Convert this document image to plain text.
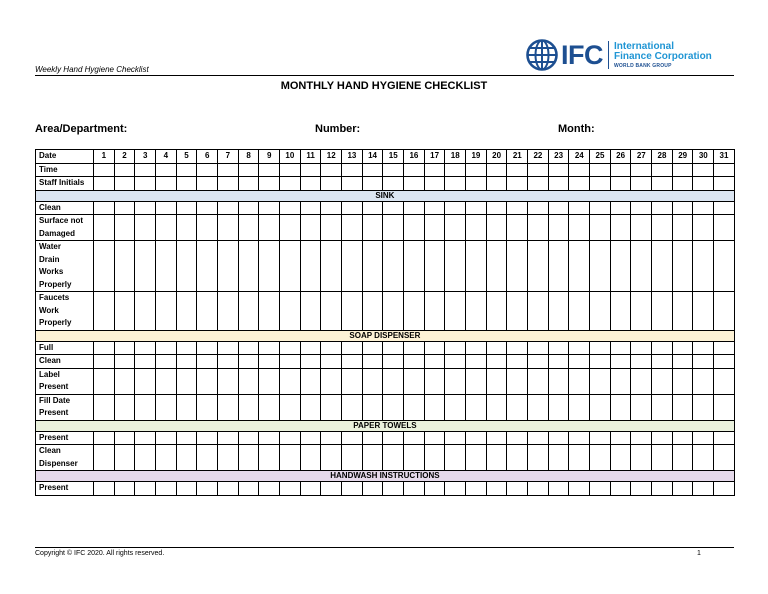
Weekly Hand Hygiene Checklist	IFC International
Finance Corporation
WORLD BANK GROUP
MONTHLY HAND HYGIENE CHECKLIST
Area/Department:	Number:	Month:
Date	1	2	3	4	5	6	7	8	9	10	11	12	13	14	15	16	17	18	19	20	21	22	23	24	25	26	27	28	29	30	31

Time																															

Staff Initials																															

SINK																															

Clean																															

Surface not
Damaged																															

Water
Drain
Works
Properly																															

Faucets
Work
Properly																															

SOAP DISPENSER																															

Full																															

Clean																															

Label
Present																															

Fill Date
Present																															

PAPER TOWELS																															

Present																															

Clean
Dispenser																															

HANDWASH INSTRUCTIONS																															

Present																															

Copyright © IFC 2020. All rights reserved.	1
